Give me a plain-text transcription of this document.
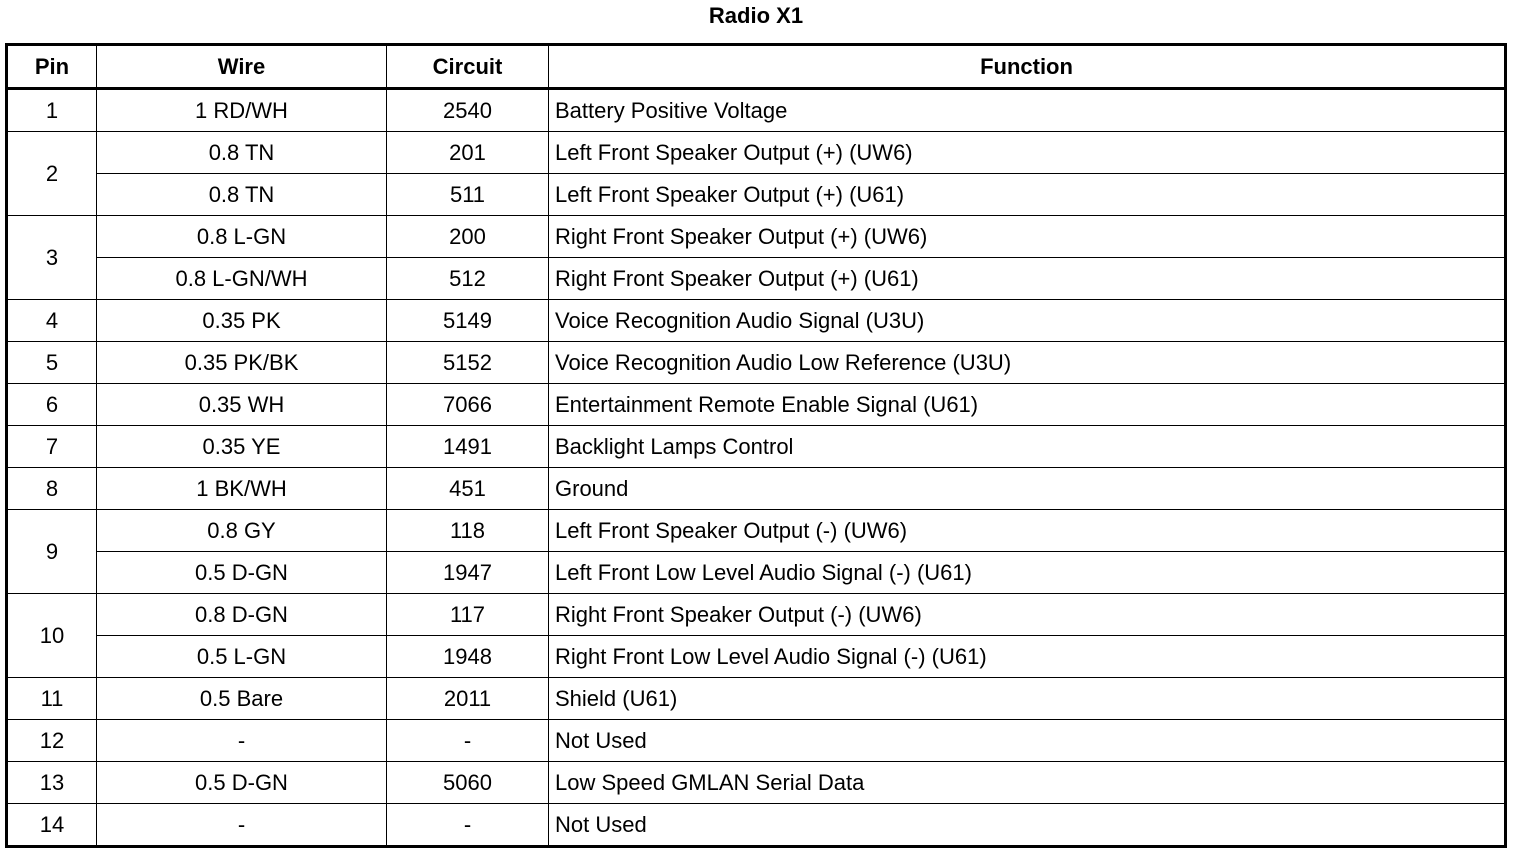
Radio X1
Pin	Wire	Circuit	Function
1	1 RD/WH	2540	Battery Positive Voltage
2	0.8 TN	201	Left Front Speaker Output (+) (UW6)
	0.8 TN	511	Left Front Speaker Output (+) (U61)
3	0.8 L-GN	200	Right Front Speaker Output (+) (UW6)
	0.8 L-GN/WH	512	Right Front Speaker Output (+) (U61)
4	0.35 PK	5149	Voice Recognition Audio Signal (U3U)
5	0.35 PK/BK	5152	Voice Recognition Audio Low Reference (U3U)
6	0.35 WH	7066	Entertainment Remote Enable Signal (U61)
7	0.35 YE	1491	Backlight Lamps Control
8	1 BK/WH	451	Ground
9	0.8 GY	118	Left Front Speaker Output (-) (UW6)
	0.5 D-GN	1947	Left Front Low Level Audio Signal (-) (U61)
10	0.8 D-GN	117	Right Front Speaker Output (-) (UW6)
	0.5 L-GN	1948	Right Front Low Level Audio Signal (-) (U61)
11	0.5 Bare	2011	Shield (U61)
12	-	-	Not Used
13	0.5 D-GN	5060	Low Speed GMLAN Serial Data
14	-	-	Not Used
